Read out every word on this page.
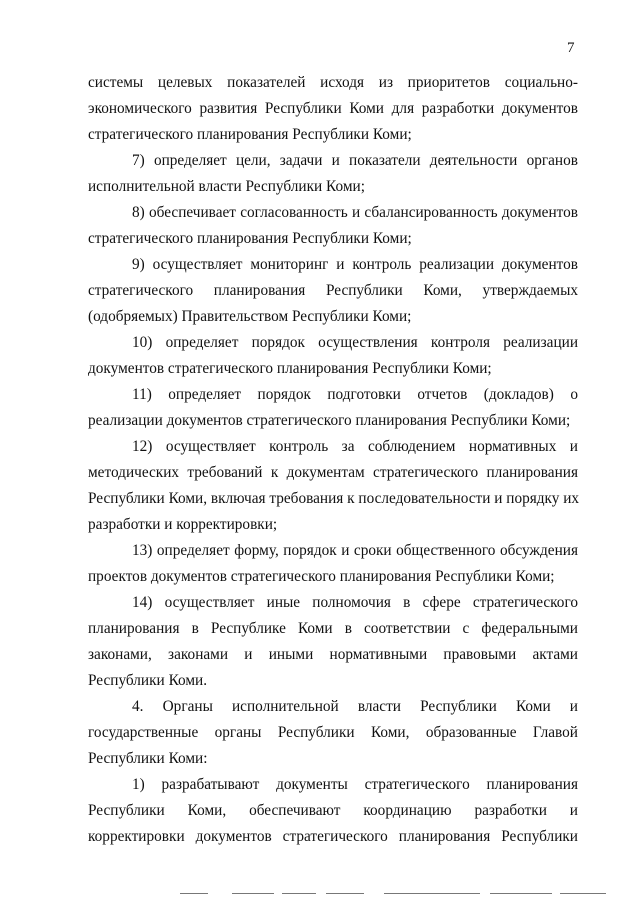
7
системы целевых показателей исходя из приоритетов социально-
экономического развития Республики Коми для разработки документов
стратегического планирования Республики Коми;
7) определяет цели, задачи и показатели деятельности органов
исполнительной власти Республики Коми;
8) обеспечивает согласованность и сбалансированность документов
стратегического планирования Республики Коми;
9) осуществляет мониторинг и контроль реализации документов
стратегического планирования Республики Коми, утверждаемых
(одобряемых) Правительством Республики Коми;
10) определяет порядок осуществления контроля реализации
документов стратегического планирования Республики Коми;
11) определяет порядок подготовки отчетов (докладов) о
реализации документов стратегического планирования Республики Коми;
12) осуществляет контроль за соблюдением нормативных и
методических требований к документам стратегического планирования
Республики Коми, включая требования к последовательности и порядку их
разработки и корректировки;
13) определяет форму, порядок и сроки общественного обсуждения
проектов документов стратегического планирования Республики Коми;
14) осуществляет иные полномочия в сфере стратегического
планирования в Республике Коми в соответствии с федеральными
законами, законами и иными нормативными правовыми актами
Республики Коми.
4. Органы исполнительной власти Республики Коми и
государственные органы Республики Коми, образованные Главой
Республики Коми:
1) разрабатывают документы стратегического планирования
Республики Коми, обеспечивают координацию разработки и
корректировки документов стратегического планирования Республики
